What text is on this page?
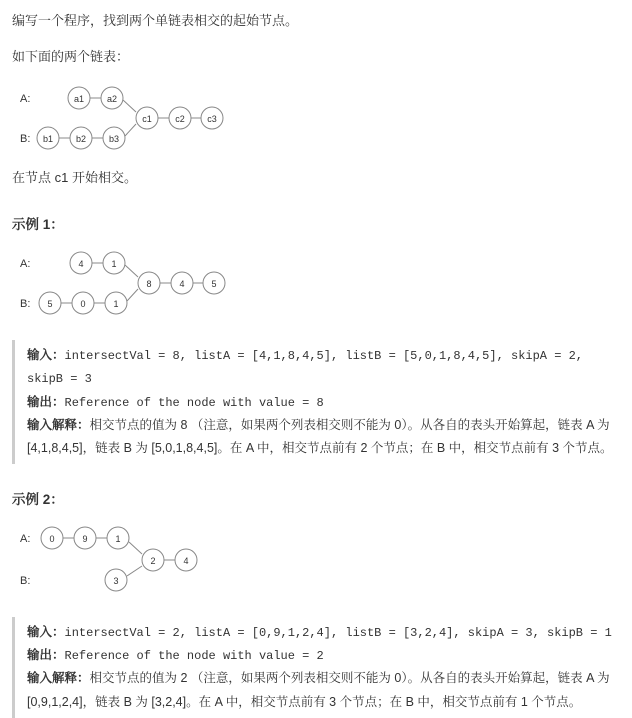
编写一个程序，找到两个单链表相交的起始节点。

如下面的两个链表：

A:
B:
a1	a2
b1	b2	b3
c1	c2 c3

在节点 c1 开始相交。

示例 1：
A:
B:
4	1
5	0	1
8	4	5
输入：intersectVal = 8, listA = [4,1,8,4,5], listB = [5,0,1,8,4,5], skipA = 2, skipB = 3
输出：Reference of the node with value = 8
输入解释：相交节点的值为 8 （注意，如果两个列表相交则不能为 0）。从各自的表头开始算起，链表 A 为 [4,1,8,4,5]，链表 B 为 [5,0,1,8,4,5]。在 A 中，相交节点前有 2 个节点；在 B 中，相交节点前有 3 个节点。
示例 2：
A:
B:
0	9	1
3
2	4
输入：intersectVal = 2, listA = [0,9,1,2,4], listB = [3,2,4], skipA = 3, skipB = 1
输出：Reference of the node with value = 2
输入解释：相交节点的值为 2 （注意，如果两个列表相交则不能为 0）。从各自的表头开始算起，链表 A 为 [0,9,1,2,4]，链表 B 为 [3,2,4]。在 A 中，相交节点前有 3 个节点；在 B 中，相交节点前有 1 个节点。
